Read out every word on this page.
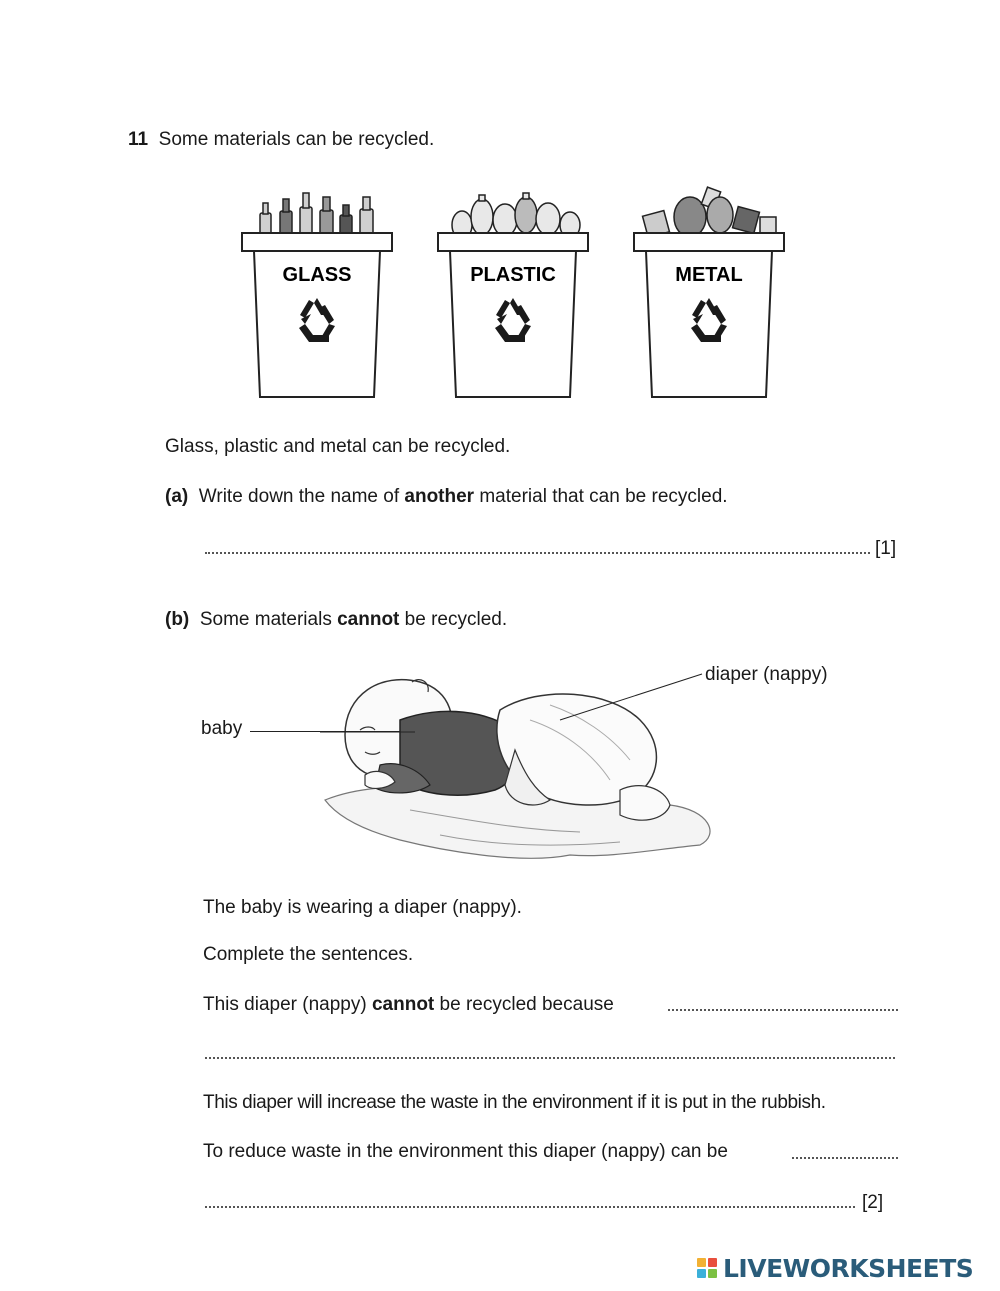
11 Some materials can be recycled.
GLASS	PLASTIC	METAL
Glass, plastic and metal can be recycled.
(a) Write down the name of another material that can be recycled.
[1]
(b) Some materials cannot be recycled.
diaper (nappy)
baby
The baby is wearing a diaper (nappy).
Complete the sentences.
This diaper (nappy) cannot be recycled because
This diaper will increase the waste in the environment if it is put in the rubbish.
To reduce waste in the environment this diaper (nappy) can be
[2]
LIVEWORKSHEETS
